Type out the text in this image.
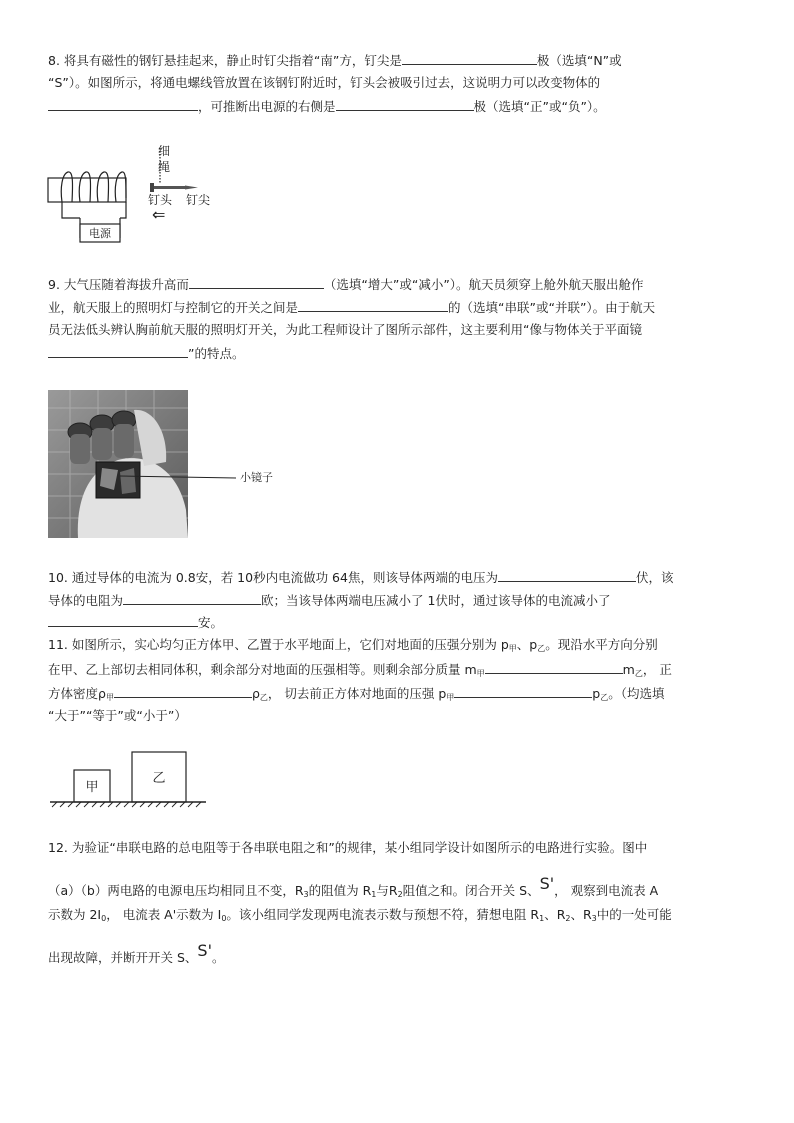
8. 将具有磁性的钢钉悬挂起来，静止时钉尖指着“南”方，钉尖是	极（选填“N”或
“S”）。如图所示，将通电螺线管放置在该钢钉附近时，钉头会被吸引过去，这说明力可以改变物体的
，可推断出电源的右侧是	极（选填“正”或“负”）。
电源
细
绳
钉头 钉尖
⇐
9. 大气压随着海拔升高而	（选填“增大”或“减小”）。航天员须穿上舱外航天服出舱作
业，航天服上的照明灯与控制它的开关之间是	的（选填“串联”或“并联”）。由于航天
员无法低头辨认胸前航天服的照明灯开关，为此工程师设计了图所示部件，这主要利用“像与物体关于平面镜
”的特点。
小镜子
10. 通过导体的电流为 0.8安，若 10秒内电流做功 64焦，则该导体两端的电压为	伏，该
导体的电阻为	欧；当该导体两端电压减小了 1伏时，通过该导体的电流减小了
安。
11. 如图所示，实心均匀正方体甲、乙置于水平地面上，它们对地面的压强分别为 $p_甲$、$p_乙$。现沿水平方向分别
在甲、乙上部切去相同体积，剩余部分对地面的压强相等。则剩余部分质量 $m_甲$	$m_乙$， 正
方体密度$\rho_甲$	$\rho_乙$， 切去前正方体对地面的压强 $p_甲$	$p_乙$。（均选填
“大于”“等于”或“小于”）
甲
乙
12. 为验证“串联电路的总电阻等于各串联电阻之和”的规律，某小组同学设计如图所示的电路进行实验。图中
（a）（b）两电路的电源电压均相同且不变，$R_3$的阻值为 $R_1$与$R_2$阻值之和。闭合开关 S、S'， 观察到电流表 A
示数为 $2I_0$， 电流表 A'示数为 $I_0$。该小组同学发现两电流表示数与预想不符，猜想电阻 $R_1$、$R_2$、$R_3$中的一处可能
出现故障，并断开开关 S、S'。
